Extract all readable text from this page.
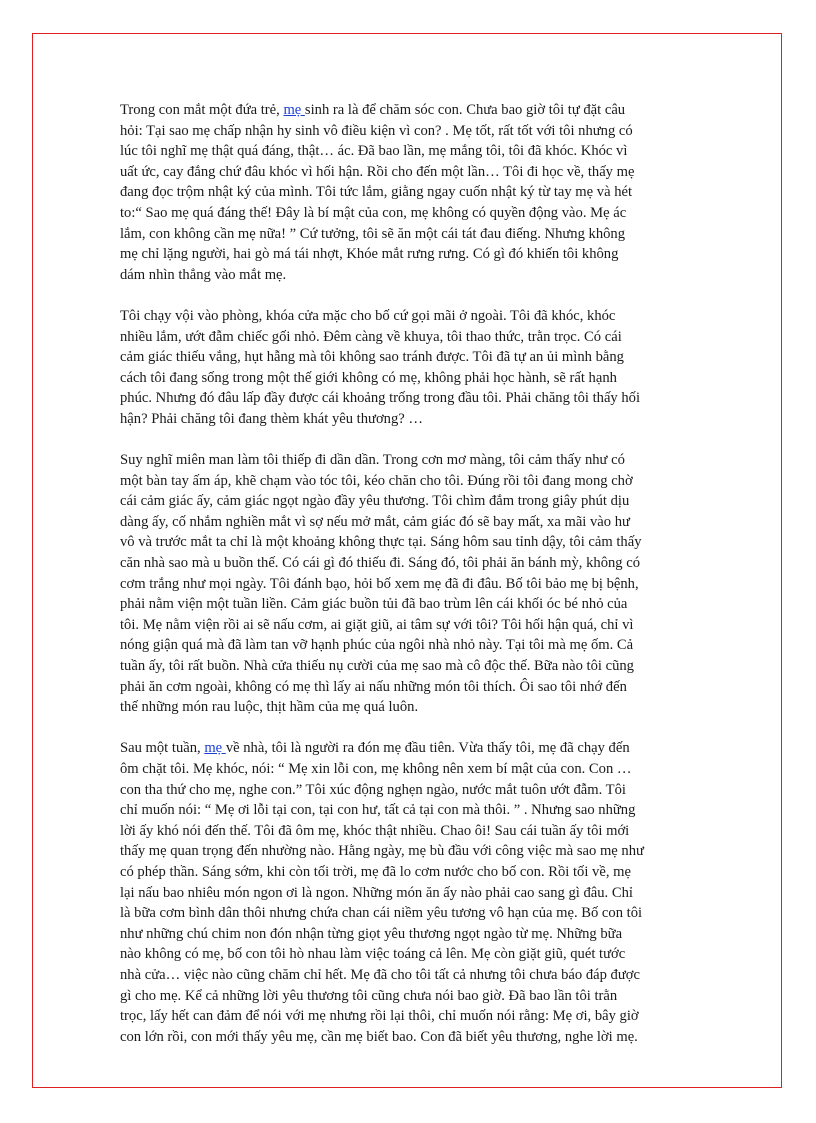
Trong con mắt một đứa trẻ, mẹ sinh ra là để chăm sóc con. Chưa bao giờ tôi tự đặt câu
hỏi: Tại sao mẹ chấp nhận hy sinh vô điều kiện vì con? . Mẹ tốt, rất tốt với tôi nhưng có
lúc tôi nghĩ mẹ thật quá đáng, thật… ác. Đã bao lần, mẹ mắng tôi, tôi đã khóc. Khóc vì
uất ức, cay đắng chứ đâu khóc vì hối hận. Rồi cho đến một lần… Tôi đi học về, thấy mẹ
đang đọc trộm nhật ký của mình. Tôi tức lắm, giằng ngay cuốn nhật ký từ tay mẹ và hét
to:“ Sao mẹ quá đáng thế! Đây là bí mật của con, mẹ không có quyền động vào. Mẹ ác
lắm, con không cần mẹ nữa! ” Cứ tưởng, tôi sẽ ăn một cái tát đau điếng. Nhưng không
mẹ chỉ lặng người, hai gò má tái nhợt, Khóe mắt rưng rưng. Có gì đó khiến tôi không
dám nhìn thẳng vào mắt mẹ.
Tôi chạy vội vào phòng, khóa cửa mặc cho bố cứ gọi mãi ở ngoài. Tôi đã khóc, khóc
nhiều lắm, ướt đẫm chiếc gối nhỏ. Đêm càng về khuya, tôi thao thức, trằn trọc. Có cái
cảm giác thiếu vắng, hụt hẫng mà tôi không sao tránh được. Tôi đã tự an ủi mình bằng
cách tôi đang sống trong một thế giới không có mẹ, không phải học hành, sẽ rất hạnh
phúc. Nhưng đó đâu lấp đầy được cái khoảng trống trong đầu tôi. Phải chăng tôi thấy hối
hận? Phải chăng tôi đang thèm khát yêu thương? …
Suy nghĩ miên man làm tôi thiếp đi dần dần. Trong cơn mơ màng, tôi cảm thấy như có
một bàn tay ấm áp, khẽ chạm vào tóc tôi, kéo chăn cho tôi. Đúng rồi tôi đang mong chờ
cái cảm giác ấy, cảm giác ngọt ngào đầy yêu thương. Tôi chìm đắm trong giây phút dịu
dàng ấy, cố nhắm nghiền mắt vì sợ nếu mở mắt, cảm giác đó sẽ bay mất, xa mãi vào hư
vô và trước mắt ta chỉ là một khoảng không thực tại. Sáng hôm sau tỉnh dậy, tôi cảm thấy
căn nhà sao mà u buồn thế. Có cái gì đó thiếu đi. Sáng đó, tôi phải ăn bánh mỳ, không có
cơm trắng như mọi ngày. Tôi đánh bạo, hỏi bố xem mẹ đã đi đâu. Bố tôi bảo mẹ bị bệnh,
phải nằm viện một tuần liền. Cảm giác buồn tủi đã bao trùm lên cái khối óc bé nhỏ của
tôi. Mẹ nằm viện rồi ai sẽ nấu cơm, ai giặt giũ, ai tâm sự với tôi? Tôi hối hận quá, chỉ vì
nóng giận quá mà đã làm tan vỡ hạnh phúc của ngôi nhà nhỏ này. Tại tôi mà mẹ ốm. Cả
tuần ấy, tôi rất buồn. Nhà cửa thiếu nụ cười của mẹ sao mà cô độc thế. Bữa nào tôi cũng
phải ăn cơm ngoài, không có mẹ thì lấy ai nấu những món tôi thích. Ôi sao tôi nhớ đến
thế những món rau luộc, thịt hầm của mẹ quá luôn.
Sau một tuần, mẹ về nhà, tôi là người ra đón mẹ đầu tiên. Vừa thấy tôi, mẹ đã chạy đến
ôm chặt tôi. Mẹ khóc, nói: “ Mẹ xin lỗi con, mẹ không nên xem bí mật của con. Con …
con tha thứ cho mẹ, nghe con.” Tôi xúc động nghẹn ngào, nước mắt tuôn ướt đẫm. Tôi
chỉ muốn nói: “ Mẹ ơi lỗi tại con, tại con hư, tất cả tại con mà thôi. ” . Nhưng sao những
lời ấy khó nói đến thế. Tôi đã ôm mẹ, khóc thật nhiều. Chao ôi! Sau cái tuần ấy tôi mới
thấy mẹ quan trọng đến nhường nào. Hằng ngày, mẹ bù đầu với công việc mà sao mẹ như
có phép thần. Sáng sớm, khi còn tối trời, mẹ đã lo cơm nước cho bố con. Rồi tối về, mẹ
lại nấu bao nhiêu món ngon ơi là ngon. Những món ăn ấy nào phải cao sang gì đâu. Chỉ
là bữa cơm bình dân thôi nhưng chứa chan cái niềm yêu tương vô hạn của mẹ. Bố con tôi
như những chú chim non đón nhận từng giọt yêu thương ngọt ngào từ mẹ. Những bữa
nào không có mẹ, bố con tôi hò nhau làm việc toáng cả lên. Mẹ còn giặt giũ, quét tước
nhà cửa… việc nào cũng chăm chỉ hết. Mẹ đã cho tôi tất cả nhưng tôi chưa báo đáp được
gì cho mẹ. Kể cả những lời yêu thương tôi cũng chưa nói bao giờ. Đã bao lần tôi trằn
trọc, lấy hết can đảm để nói với mẹ nhưng rồi lại thôi, chỉ muốn nói rằng: Mẹ ơi, bây giờ
con lớn rồi, con mới thấy yêu mẹ, cần mẹ biết bao. Con đã biết yêu thương, nghe lời mẹ.
